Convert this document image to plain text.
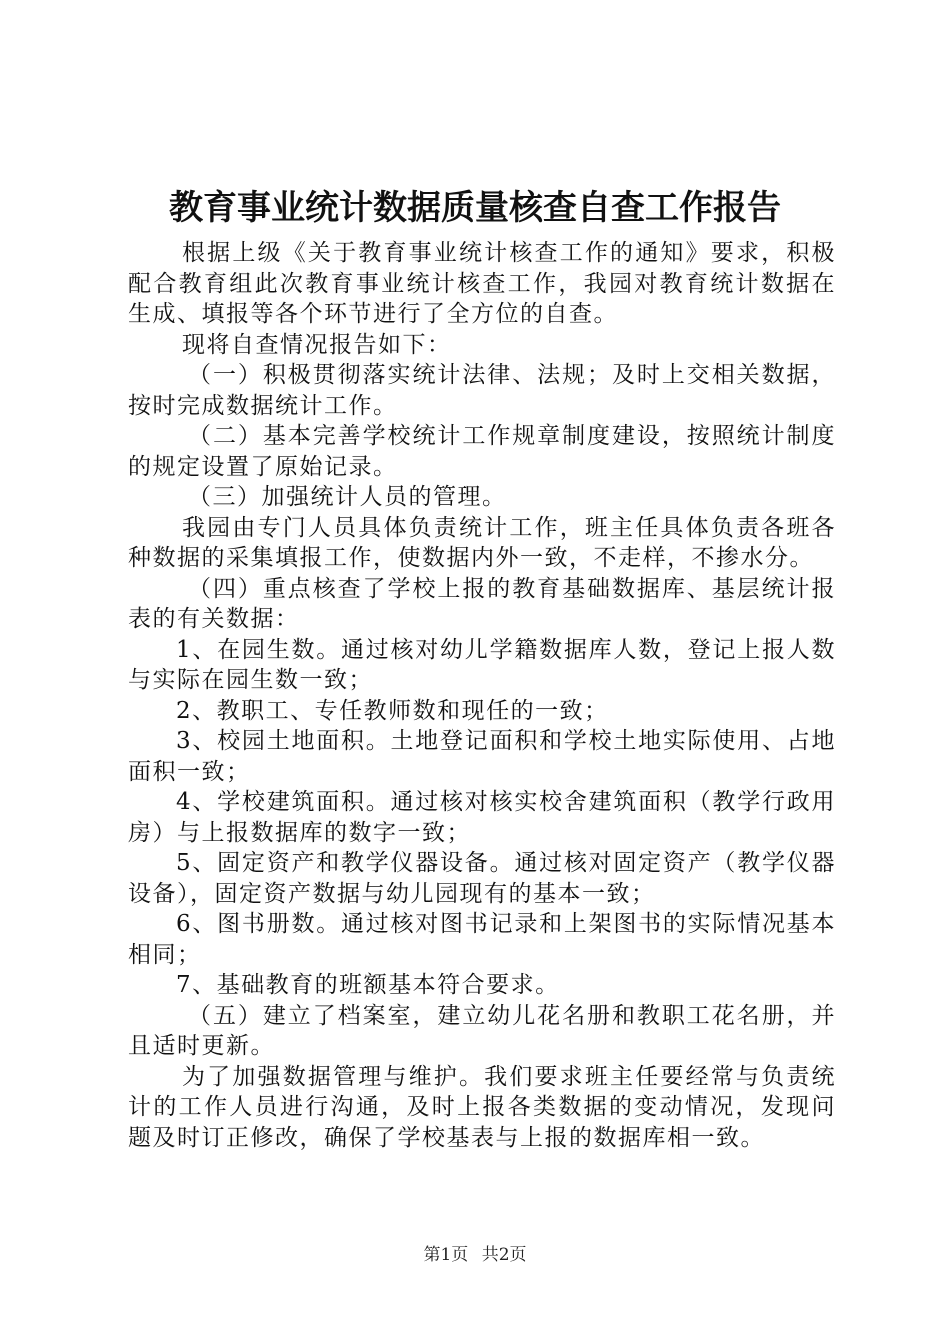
教育事业统计数据质量核查自查工作报告

根据上级《关于教育事业统计核查工作的通知》要求，积极配合教育组此次教育事业统计核查工作，我园对教育统计数据在生成、填报等各个环节进行了全方位的自查。

现将自查情况报告如下：

（一）积极贯彻落实统计法律、法规；及时上交相关数据，按时完成数据统计工作。

（二）基本完善学校统计工作规章制度建设，按照统计制度的规定设置了原始记录。

（三）加强统计人员的管理。

我园由专门人员具体负责统计工作，班主任具体负责各班各种数据的采集填报工作，使数据内外一致，不走样，不掺水分。

（四）重点核查了学校上报的教育基础数据库、基层统计报表的有关数据：

1、在园生数。通过核对幼儿学籍数据库人数，登记上报人数与实际在园生数一致；

2、教职工、专任教师数和现任的一致；

3、校园土地面积。土地登记面积和学校土地实际使用、占地面积一致；

4、学校建筑面积。通过核对核实校舍建筑面积（教学行政用房）与上报数据库的数字一致；

5、固定资产和教学仪器设备。通过核对固定资产（教学仪器设备），固定资产数据与幼儿园现有的基本一致；

6、图书册数。通过核对图书记录和上架图书的实际情况基本相同；

7、基础教育的班额基本符合要求。

（五）建立了档案室，建立幼儿花名册和教职工花名册，并且适时更新。

为了加强数据管理与维护。我们要求班主任要经常与负责统计的工作人员进行沟通，及时上报各类数据的变动情况，发现问题及时订正修改，确保了学校基表与上报的数据库相一致。

第1页 共2页
